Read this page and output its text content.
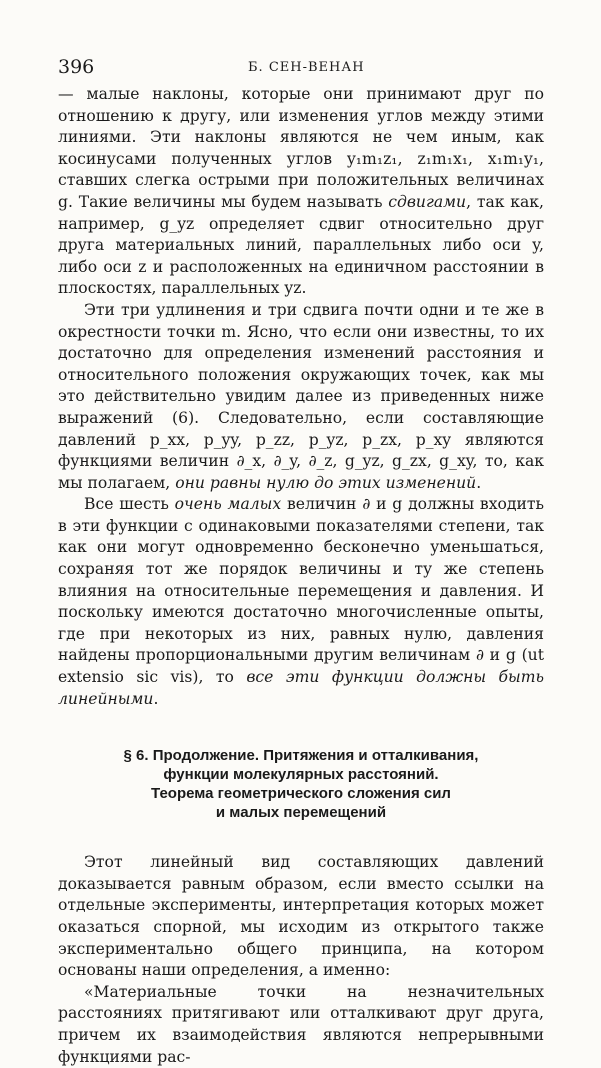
396	Б. СЕН-ВЕНАН

— малые наклоны, которые они принимают друг по отношению к другу, или изменения углов между этими линиями. Эти наклоны являются не чем иным, как косинусами полученных углов y₁m₁z₁, z₁m₁x₁, x₁m₁y₁, ставших слегка острыми при положительных величинах g. Такие величины мы будем называть сдвигами, так как, например, g_yz определяет сдвиг относительно друг друга материальных линий, параллельных либо оси y, либо оси z и расположенных на единичном расстоянии в плоскостях, параллельных yz.

Эти три удлинения и три сдвига почти одни и те же в окрестности точки m. Ясно, что если они известны, то их достаточно для определения изменений расстояния и относительного положения окружающих точек, как мы это действительно увидим далее из приведенных ниже выражений (6). Следовательно, если составляющие давлений p_xx, p_yy, p_zz, p_yz, p_zx, p_xy являются функциями величин ∂_x, ∂_y, ∂_z, g_yz, g_zx, g_xy, то, как мы полагаем, они равны нулю до этих изменений.

Все шесть очень малых величин ∂ и g должны входить в эти функции с одинаковыми показателями степени, так как они могут одновременно бесконечно уменьшаться, сохраняя тот же порядок величины и ту же степень влияния на относительные перемещения и давления. И поскольку имеются достаточно многочисленные опыты, где при некоторых из них, равных нулю, давления найдены пропорциональными другим величинам ∂ и g (ut extensio sic vis), то все эти функции должны быть линейными.

§ 6. Продолжение. Притяжения и отталкивания,
функции молекулярных расстояний.
Теорема геометрического сложения сил
и малых перемещений

Этот линейный вид составляющих давлений доказывается равным образом, если вместо ссылки на отдельные эксперименты, интерпретация которых может оказаться спорной, мы исходим из открытого также экспериментально общего принципа, на котором основаны наши определения, а именно:

«Материальные точки на незначительных расстояниях притягивают или отталкивают друг друга, причем их взаимодействия являются непрерывными функциями рас-
